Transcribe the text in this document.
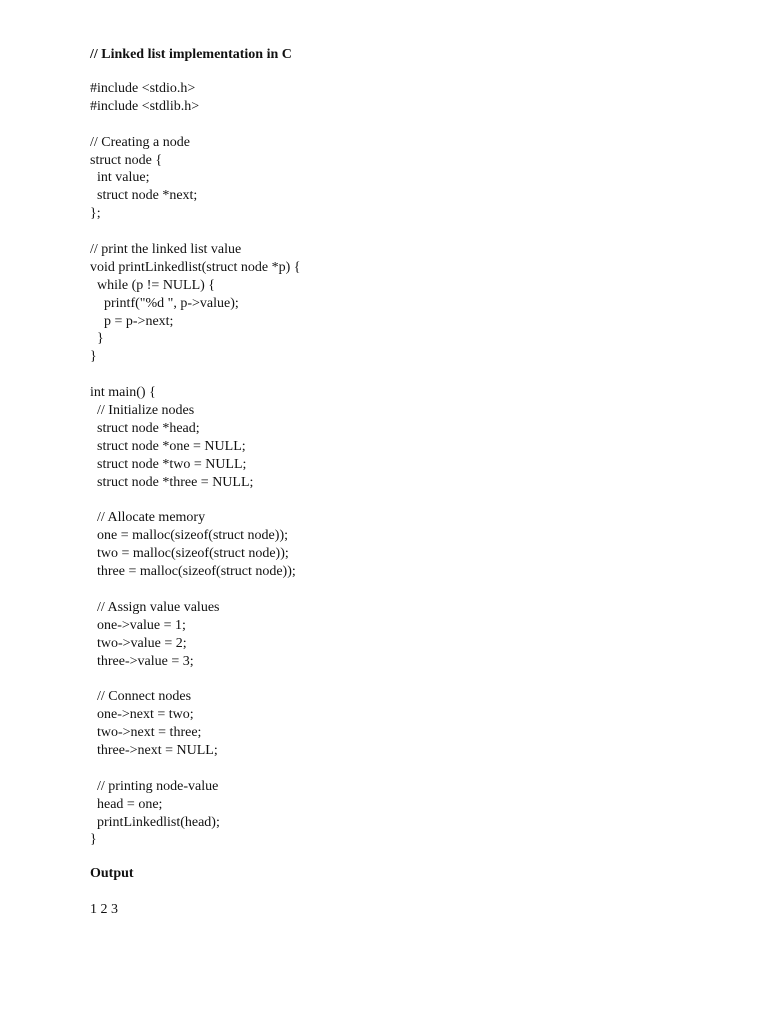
// Linked list implementation in C
#include <stdio.h>
#include <stdlib.h>
// Creating a node
struct node {
int value;
struct node *next;
};
// print the linked list value
void printLinkedlist(struct node *p) {
while (p != NULL) {
printf("%d ", p->value);
p = p->next;
}
}
int main() {
// Initialize nodes
struct node *head;
struct node *one = NULL;
struct node *two = NULL;
struct node *three = NULL;
// Allocate memory
one = malloc(sizeof(struct node));
two = malloc(sizeof(struct node));
three = malloc(sizeof(struct node));
// Assign value values
one->value = 1;
two->value = 2;
three->value = 3;
// Connect nodes
one->next = two;
two->next = three;
three->next = NULL;
// printing node-value
head = one;
printLinkedlist(head);
}
Output
1 2 3
